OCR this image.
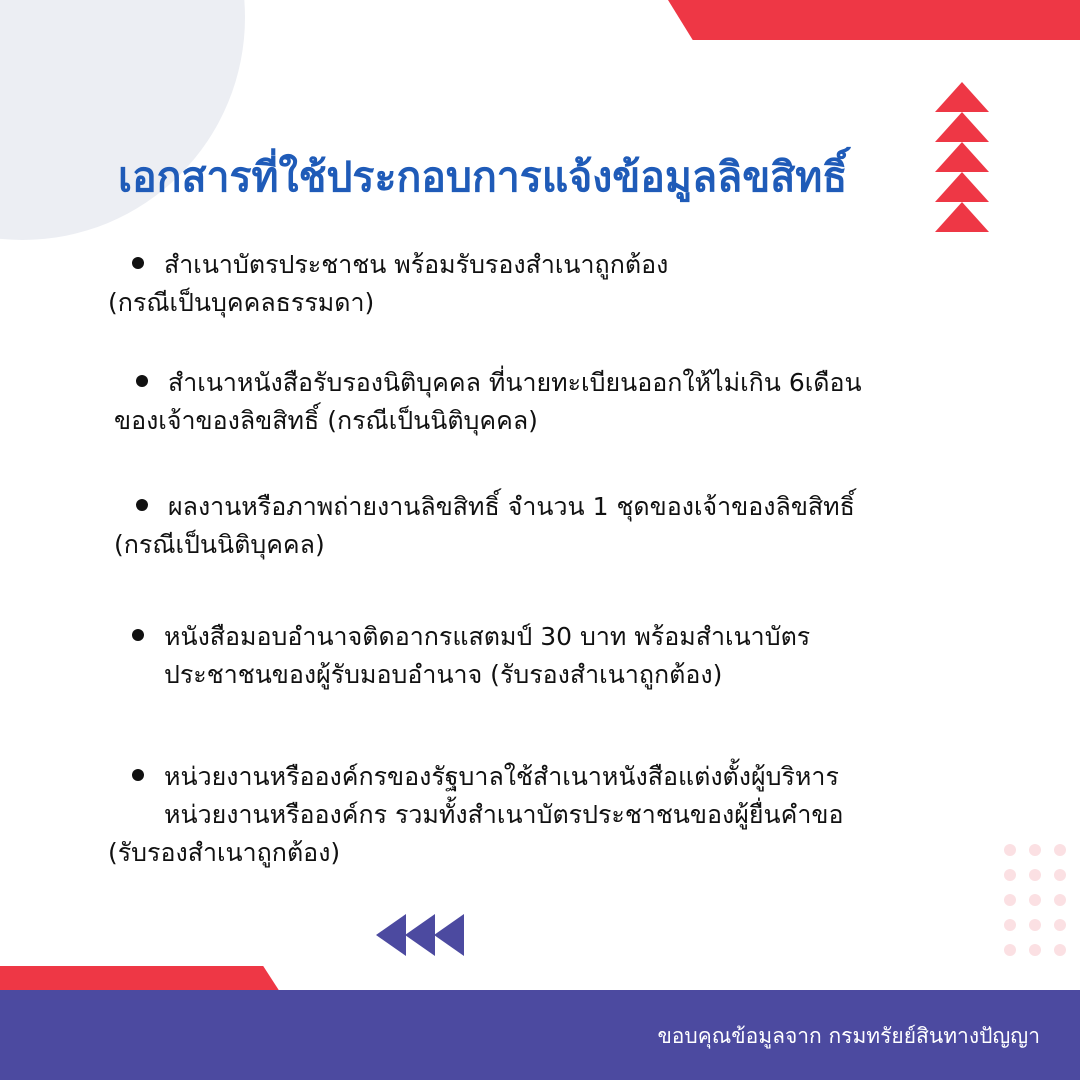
เอกสารที่ใช้ประกอบการแจ้งข้อมูลลิขสิทธิ์
สำเนาบัตรประชาชน พร้อมรับรองสำเนาถูกต้อง
(กรณีเป็นบุคคลธรรมดา)
สำเนาหนังสือรับรองนิติบุคคล ที่นายทะเบียนออกให้ไม่เกิน 6เดือน
ของเจ้าของลิขสิทธิ์ (กรณีเป็นนิติบุคคล)
ผลงานหรือภาพถ่ายงานลิขสิทธิ์ จำนวน 1 ชุดของเจ้าของลิขสิทธิ์
(กรณีเป็นนิติบุคคล)
หนังสือมอบอำนาจติดอากรแสตมป์ 30 บาท พร้อมสำเนาบัตร
ประชาชนของผู้รับมอบอำนาจ (รับรองสำเนาถูกต้อง)
หน่วยงานหรือองค์กรของรัฐบาลใช้สำเนาหนังสือแต่งตั้งผู้บริหาร
หน่วยงานหรือองค์กร รวมทั้งสำเนาบัตรประชาชนของผู้ยื่นคำขอ
(รับรองสำเนาถูกต้อง)
ขอบคุณข้อมูลจาก กรมทรัยย์สินทางปัญญา
